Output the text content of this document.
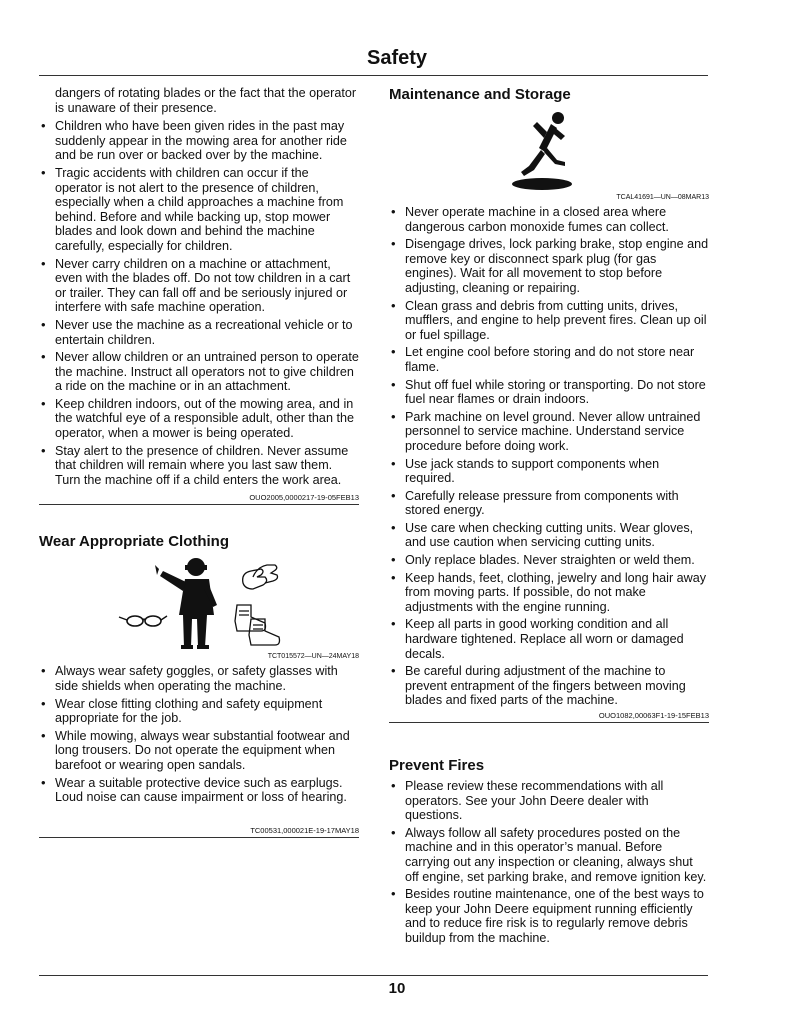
Safety

dangers of rotating blades or the fact that the operator is unaware of their presence.

• Children who have been given rides in the past may suddenly appear in the mowing area for another ride and be run over or backed over by the machine.
• Tragic accidents with children can occur if the operator is not alert to the presence of children, especially when a child approaches a machine from behind. Before and while backing up, stop mower blades and look down and behind the machine carefully, especially for children.
• Never carry children on a machine or attachment, even with the blades off. Do not tow children in a cart or trailer. They can fall off and be seriously injured or interfere with safe machine operation.
• Never use the machine as a recreational vehicle or to entertain children.
• Never allow children or an untrained person to operate the machine. Instruct all operators not to give children a ride on the machine or in an attachment.
• Keep children indoors, out of the mowing area, and in the watchful eye of a responsible adult, other than the operator, when a mower is being operated.
• Stay alert to the presence of children. Never assume that children will remain where you last saw them. Turn the machine off if a child enters the work area.
OUO2005,0000217-19-05FEB13
Wear Appropriate Clothing
TCT015572—UN—24MAY18
• Always wear safety goggles, or safety glasses with side shields when operating the machine.
• Wear close fitting clothing and safety equipment appropriate for the job.
• While mowing, always wear substantial footwear and long trousers. Do not operate the equipment when barefoot or wearing open sandals.
• Wear a suitable protective device such as earplugs. Loud noise can cause impairment or loss of hearing.
TC00531,000021E-19-17MAY18
Maintenance and Storage
TCAL41691—UN—08MAR13
• Never operate machine in a closed area where dangerous carbon monoxide fumes can collect.
• Disengage drives, lock parking brake, stop engine and remove key or disconnect spark plug (for gas engines). Wait for all movement to stop before adjusting, cleaning or repairing.
• Clean grass and debris from cutting units, drives, mufflers, and engine to help prevent fires. Clean up oil or fuel spillage.
• Let engine cool before storing and do not store near flame.
• Shut off fuel while storing or transporting. Do not store fuel near flames or drain indoors.
• Park machine on level ground. Never allow untrained personnel to service machine. Understand service procedure before doing work.
• Use jack stands to support components when required.
• Carefully release pressure from components with stored energy.
• Use care when checking cutting units. Wear gloves, and use caution when servicing cutting units.
• Only replace blades. Never straighten or weld them.
• Keep hands, feet, clothing, jewelry and long hair away from moving parts. If possible, do not make adjustments with the engine running.
• Keep all parts in good working condition and all hardware tightened. Replace all worn or damaged decals.
• Be careful during adjustment of the machine to prevent entrapment of the fingers between moving blades and fixed parts of the machine.
OUO1082,00063F1-19-15FEB13
Prevent Fires
• Please review these recommendations with all operators. See your John Deere dealer with questions.
• Always follow all safety procedures posted on the machine and in this operator’s manual. Before carrying out any inspection or cleaning, always shut off engine, set parking brake, and remove ignition key.
• Besides routine maintenance, one of the best ways to keep your John Deere equipment running efficiently and to reduce fire risk is to regularly remove debris buildup from the machine.
10
